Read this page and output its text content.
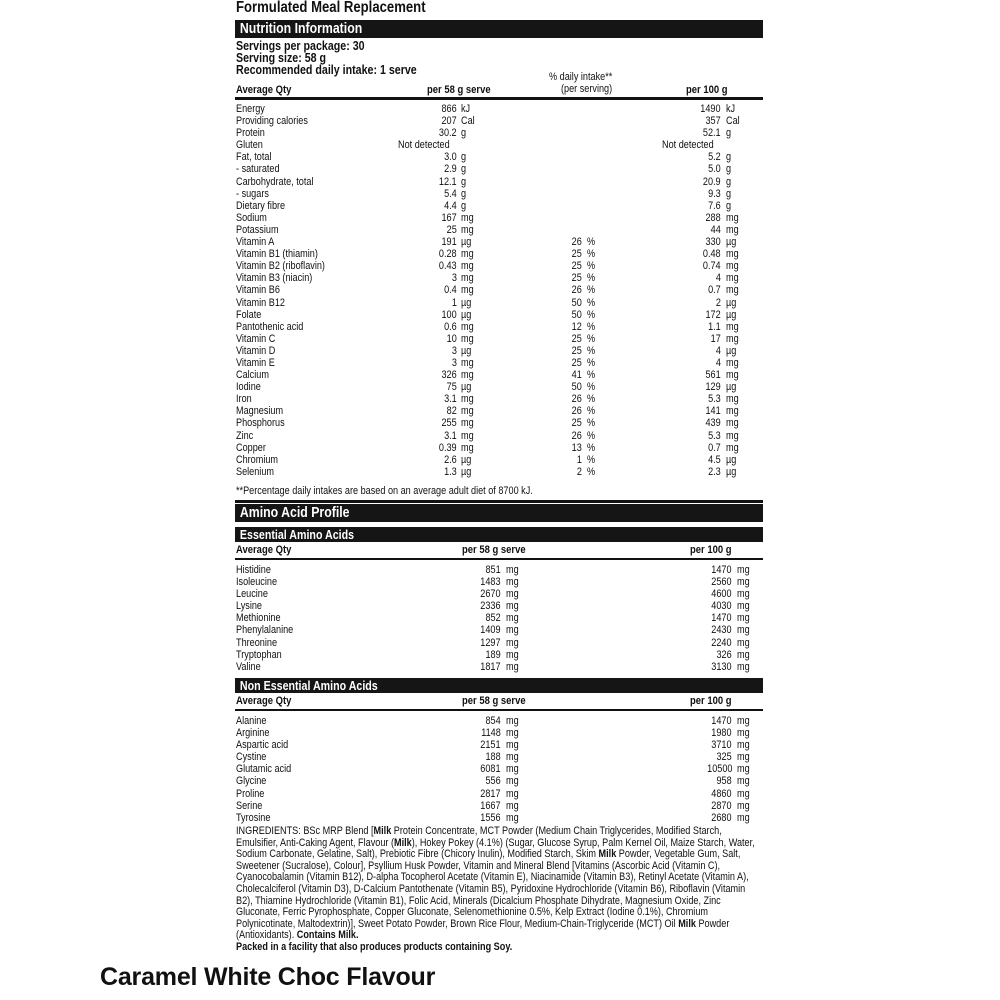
Formulated Meal Replacement
Nutrition Information
Servings per package: 30
Serving size: 58 g
Recommended daily intake: 1 serve	% daily intake**
(per serving)
Average Qty	per 58 g serve	per 100 g
Energy	866 kJ	1490 kJ
Providing calories	207 Cal	357 Cal
Protein	30.2 g	52.1 g
Gluten	Not detected	Not detected
Fat, total	3.0 g	5.2 g
- saturated	2.9 g	5.0 g
Carbohydrate, total	12.1 g	20.9 g
- sugars	5.4 g	9.3 g
Dietary fibre	4.4 g	7.6 g
Sodium	167 mg	288 mg
Potassium	25 mg	44 mg
Vitamin A	191 µg	26 %	330 µg
Vitamin B1 (thiamin)	0.28 mg	25 %	0.48 mg
Vitamin B2 (riboflavin)	0.43 mg	25 %	0.74 mg
Vitamin B3 (niacin)	3 mg	25 %	4 mg
Vitamin B6	0.4 mg	26 %	0.7 mg
Vitamin B12	1 µg	50 %	2 µg
Folate	100 µg	50 %	172 µg
Pantothenic acid	0.6 mg	12 %	1.1 mg
Vitamin C	10 mg	25 %	17 mg
Vitamin D	3 µg	25 %	4 µg
Vitamin E	3 mg	25 %	4 mg
Calcium	326 mg	41 %	561 mg
Iodine	75 µg	50 %	129 µg
Iron	3.1 mg	26 %	5.3 mg
Magnesium	82 mg	26 %	141 mg
Phosphorus	255 mg	25 %	439 mg
Zinc	3.1 mg	26 %	5.3 mg
Copper	0.39 mg	13 %	0.7 mg
Chromium	2.6 µg	1 %	4.5 µg
Selenium	1.3 µg	2 %	2.3 µg
**Percentage daily intakes are based on an average adult diet of 8700 kJ.
Amino Acid Profile
Essential Amino Acids
Average Qty	per 58 g serve	per 100 g
Histidine	851 mg	1470 mg
Isoleucine	1483 mg	2560 mg
Leucine	2670 mg	4600 mg
Lysine	2336 mg	4030 mg
Methionine	852 mg	1470 mg
Phenylalanine	1409 mg	2430 mg
Threonine	1297 mg	2240 mg
Tryptophan	189 mg	326 mg
Valine	1817 mg	3130 mg
Non Essential Amino Acids
Average Qty	per 58 g serve	per 100 g
Alanine	854 mg	1470 mg
Arginine	1148 mg	1980 mg
Aspartic acid	2151 mg	3710 mg
Cystine	188 mg	325 mg
Glutamic acid	6081 mg	10500 mg
Glycine	556 mg	958 mg
Proline	2817 mg	4860 mg
Serine	1667 mg	2870 mg
Tyrosine	1556 mg	2680 mg
INGREDIENTS: BSc MRP Blend [Milk Protein Concentrate, MCT Powder (Medium Chain Triglycerides, Modified Starch, Emulsifier, Anti-Caking Agent, Flavour (Milk), Hokey Pokey (4.1%) (Sugar, Glucose Syrup, Palm Kernel Oil, Maize Starch, Water, Sodium Carbonate, Gelatine, Salt), Prebiotic Fibre (Chicory Inulin), Modified Starch, Skim Milk Powder, Vegetable Gum, Salt, Sweetener (Sucralose), Colour], Psyllium Husk Powder, Vitamin and Mineral Blend [Vitamins (Ascorbic Acid (Vitamin C), Cyanocobalamin (Vitamin B12), D-alpha Tocopherol Acetate (Vitamin E), Niacinamide (Vitamin B3), Retinyl Acetate (Vitamin A), Cholecalciferol (Vitamin D3), D-Calcium Pantothenate (Vitamin B5), Pyridoxine Hydrochloride (Vitamin B6), Riboflavin (Vitamin B2), Thiamine Hydrochloride (Vitamin B1), Folic Acid, Minerals (Dicalcium Phosphate Dihydrate, Magnesium Oxide, Zinc Gluconate, Ferric Pyrophosphate, Copper Gluconate, Selenomethionine 0.5%, Kelp Extract (Iodine 0.1%), Chromium Polynicotinate, Maltodextrin)], Sweet Potato Powder, Brown Rice Flour, Medium-Chain-Triglyceride (MCT) Oil Milk Powder (Antioxidants). Contains Milk.
Packed in a facility that also produces products containing Soy.
Caramel White Choc Flavour
